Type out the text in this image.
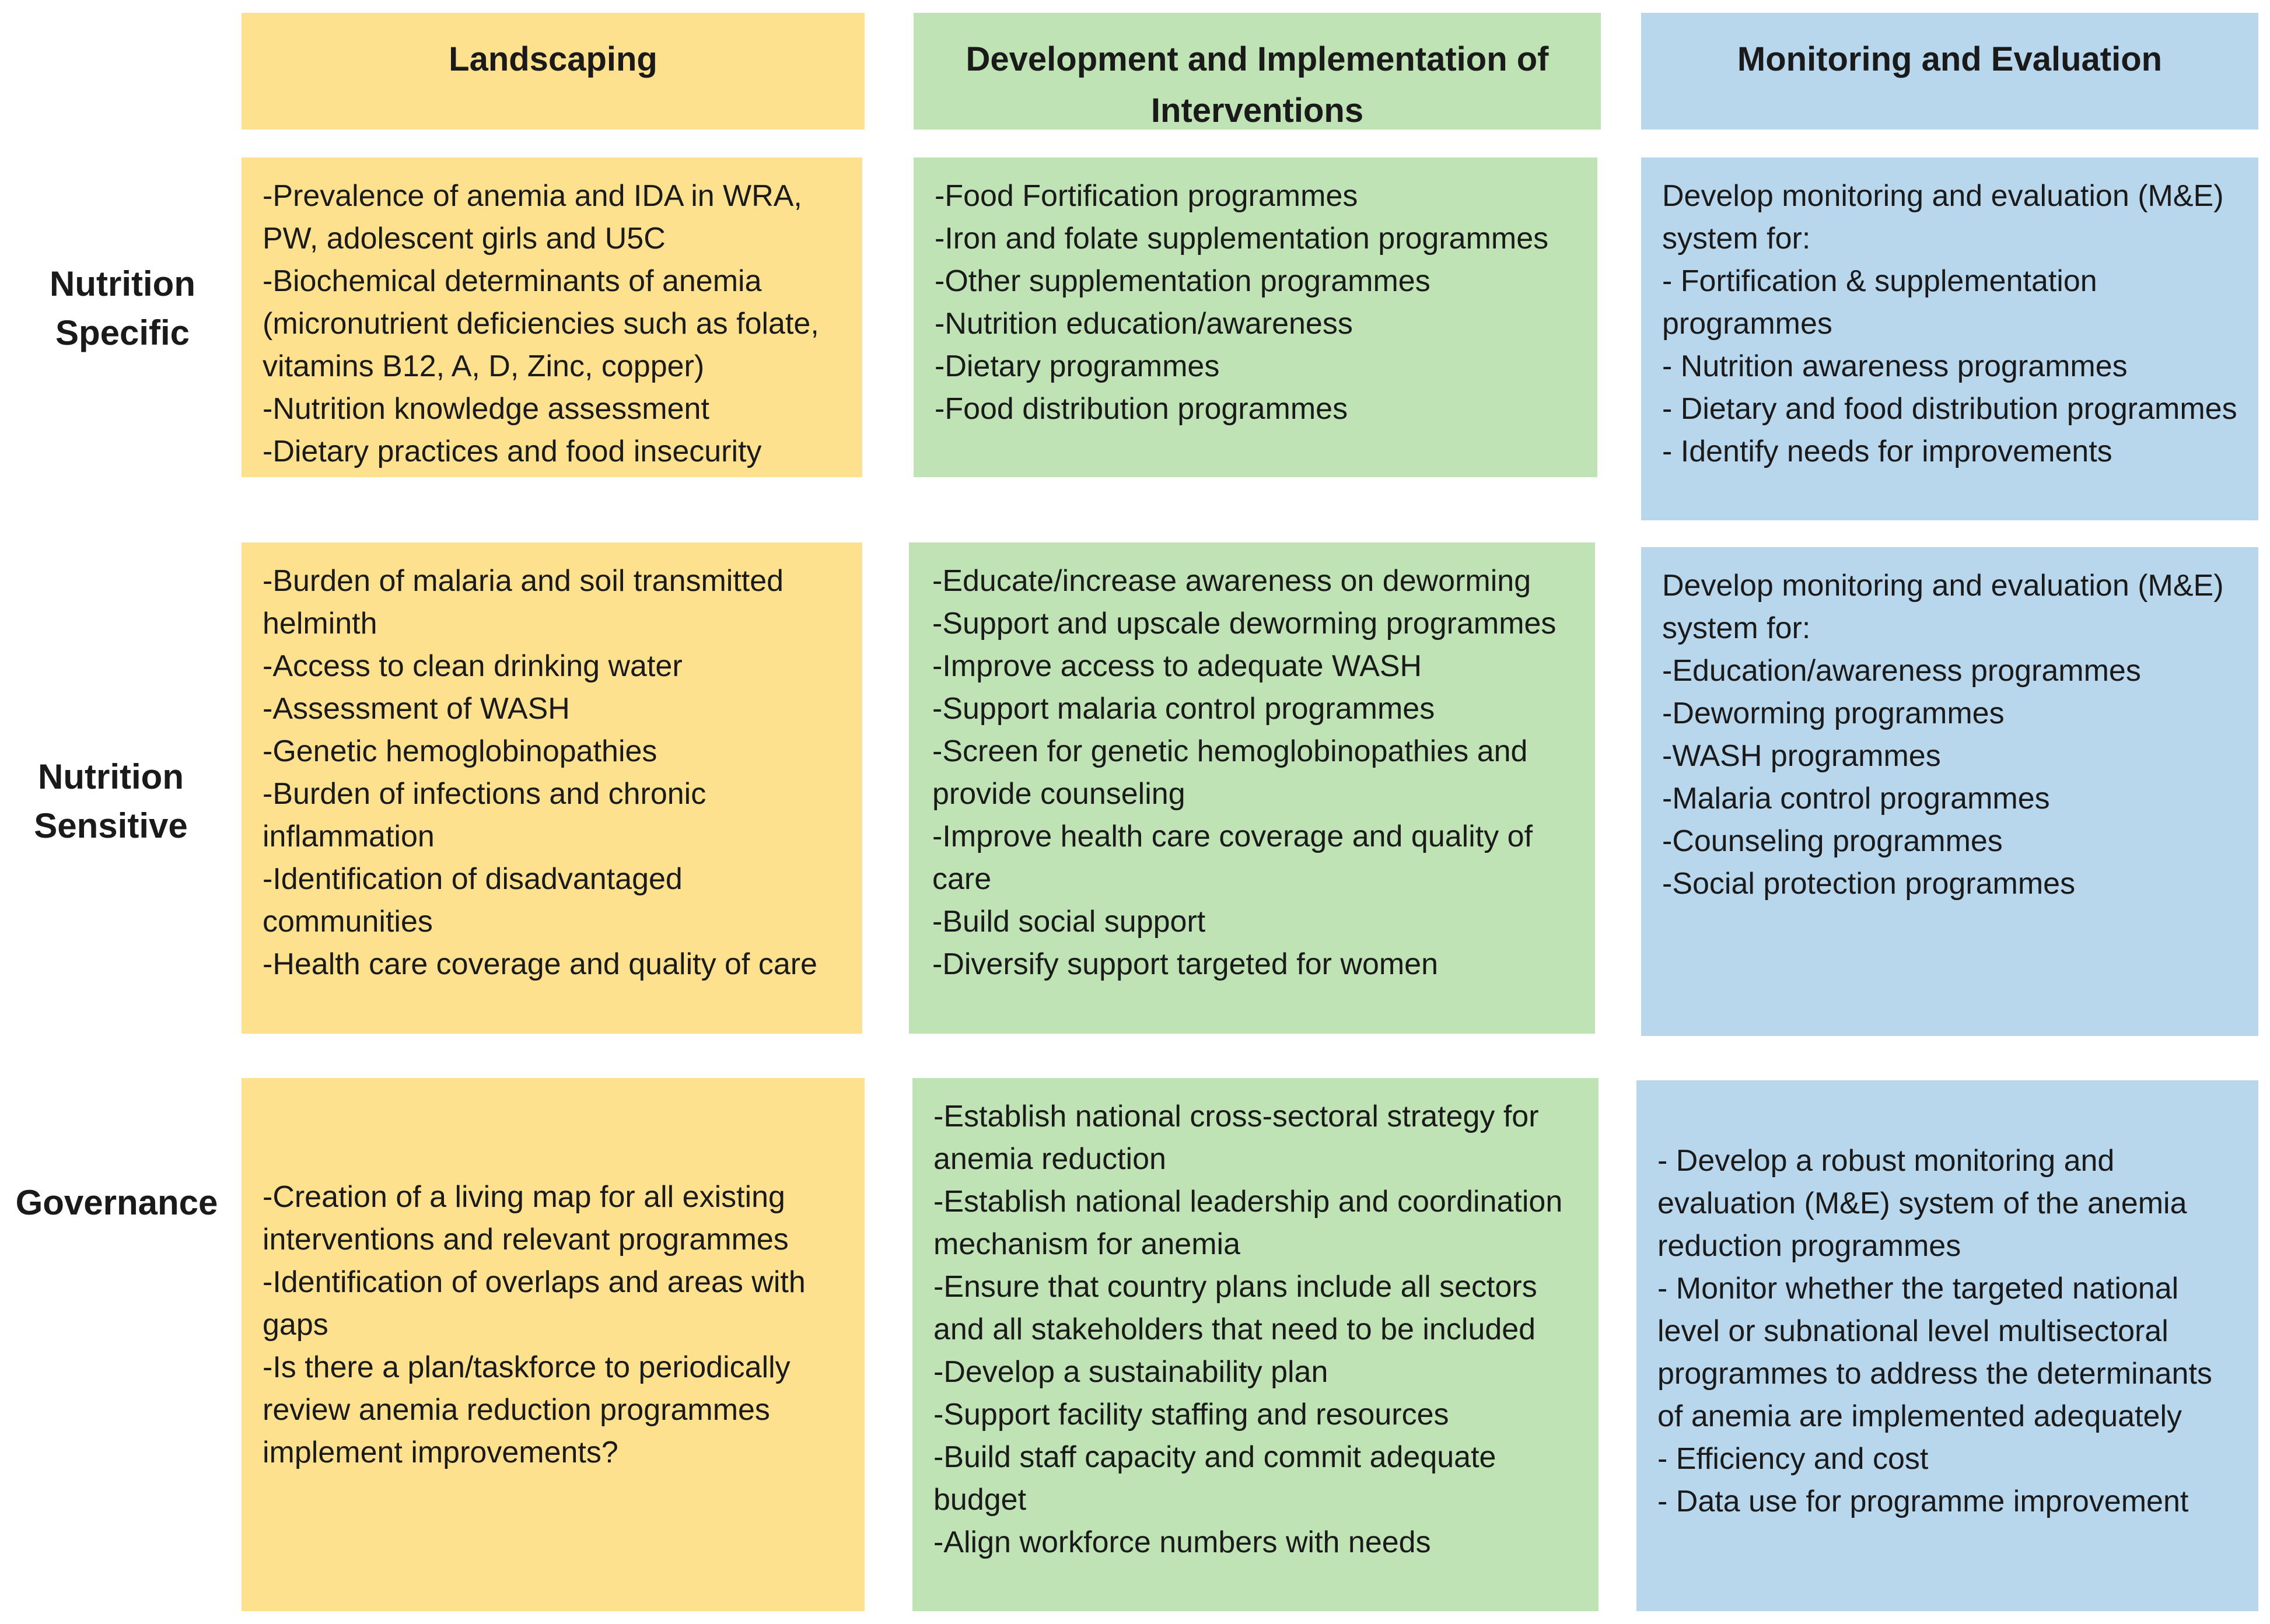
Landscaping	Development and Implementation of
Interventions
Monitoring and Evaluation
Nutrition
Specific
Nutrition
Sensitive
Governance
-Prevalence of anemia and IDA in WRA, PW, adolescent girls and U5C
-Biochemical determinants of anemia (micronutrient deficiencies such as folate, vitamins B12, A, D, Zinc, copper)
-Nutrition knowledge assessment
-Dietary practices and food insecurity
-Food Fortification programmes
-Iron and folate supplementation programmes
-Other supplementation programmes
-Nutrition education/awareness
-Dietary programmes
-Food distribution programmes
Develop monitoring and evaluation (M&E) system for:
- Fortification & supplementation programmes
- Nutrition awareness programmes
- Dietary and food distribution programmes
- Identify needs for improvements
-Burden of malaria and soil transmitted helminth
-Access to clean drinking water
-Assessment of WASH
-Genetic hemoglobinopathies
-Burden of infections and chronic inflammation
-Identification of disadvantaged communities
-Health care coverage and quality of care
-Educate/increase awareness on deworming
-Support and upscale deworming programmes
-Improve access to adequate WASH
-Support malaria control programmes
-Screen for genetic hemoglobinopathies and provide counseling
-Improve health care coverage and quality of care
-Build social support
-Diversify support targeted for women
Develop monitoring and evaluation (M&E) system for:
-Education/awareness programmes
-Deworming programmes
-WASH programmes
-Malaria control programmes
-Counseling programmes
-Social protection programmes
-Creation of a living map for all existing interventions and relevant programmes
-Identification of overlaps and areas with gaps
-Is there a plan/taskforce to periodically review anemia reduction programmes implement improvements?
-Establish national cross-sectoral strategy for anemia reduction
-Establish national leadership and coordination mechanism for anemia
-Ensure that country plans include all sectors and all stakeholders that need to be included
-Develop a sustainability plan
-Support facility staffing and resources
-Build staff capacity and commit adequate budget
-Align workforce numbers with needs
- Develop a robust monitoring and evaluation (M&E) system of the anemia reduction programmes
- Monitor whether the targeted national level or subnational level multisectoral programmes to address the determinants of anemia are implemented adequately
- Efficiency and cost
- Data use for programme improvement
